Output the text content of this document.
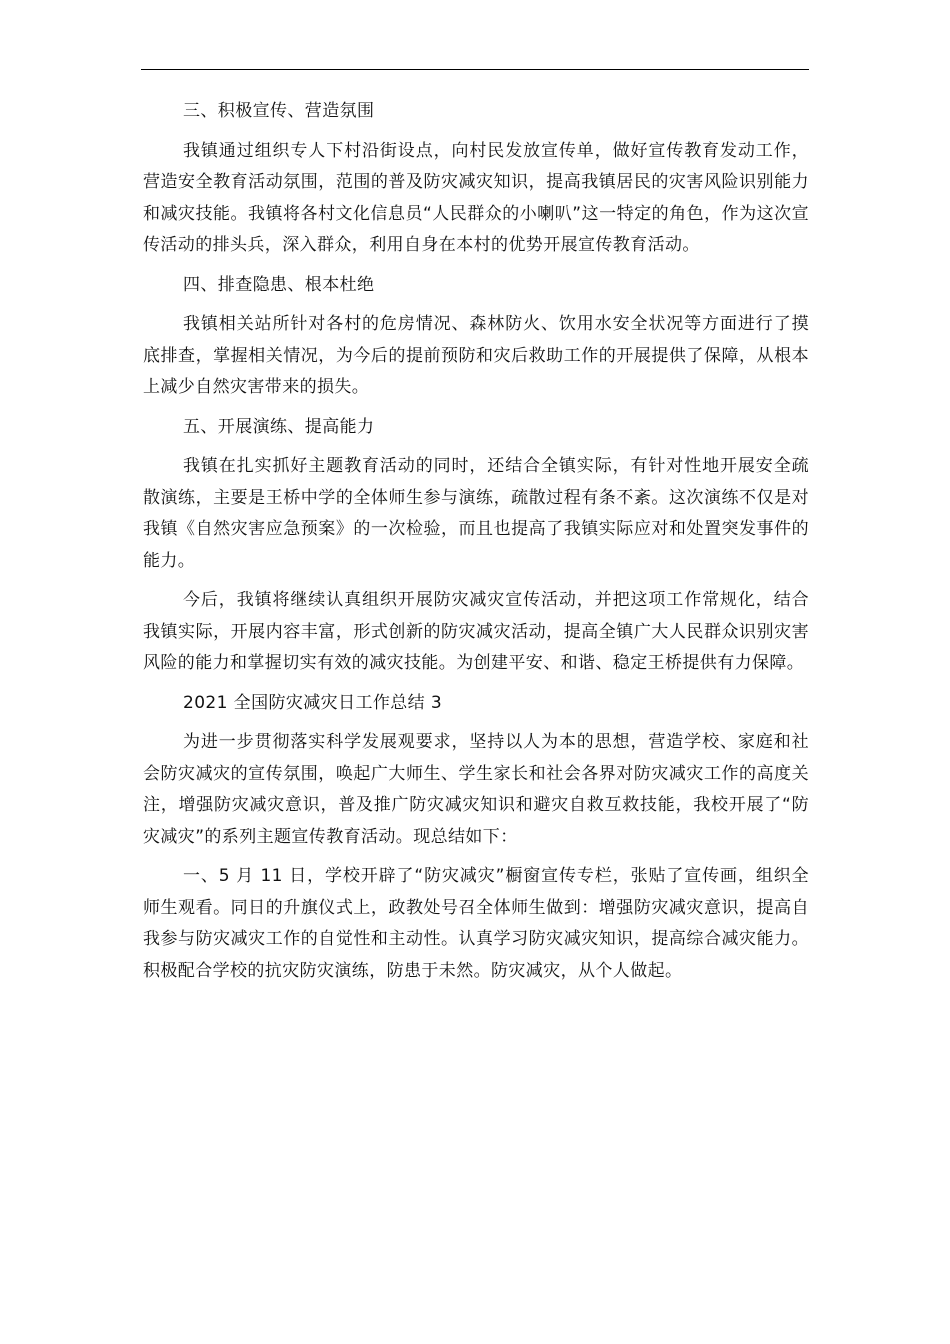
三、积极宣传、营造氛围

我镇通过组织专人下村沿街设点，向村民发放宣传单，做好宣传教育发动工作，营造安全教育活动氛围，范围的普及防灾减灾知识，提高我镇居民的灾害风险识别能力和减灾技能。我镇将各村文化信息员“人民群众的小喇叭”这一特定的角色，作为这次宣传活动的排头兵，深入群众，利用自身在本村的优势开展宣传教育活动。

四、排查隐患、根本杜绝

我镇相关站所针对各村的危房情况、森林防火、饮用水安全状况等方面进行了摸底排查，掌握相关情况，为今后的提前预防和灾后救助工作的开展提供了保障，从根本上减少自然灾害带来的损失。

五、开展演练、提高能力

我镇在扎实抓好主题教育活动的同时，还结合全镇实际，有针对性地开展安全疏散演练，主要是王桥中学的全体师生参与演练，疏散过程有条不紊。这次演练不仅是对我镇《自然灾害应急预案》的一次检验，而且也提高了我镇实际应对和处置突发事件的能力。

今后，我镇将继续认真组织开展防灾减灾宣传活动，并把这项工作常规化，结合我镇实际，开展内容丰富，形式创新的防灾减灾活动，提高全镇广大人民群众识别灾害风险的能力和掌握切实有效的减灾技能。为创建平安、和谐、稳定王桥提供有力保障。

2021 全国防灾减灾日工作总结 3

为进一步贯彻落实科学发展观要求，坚持以人为本的思想，营造学校、家庭和社会防灾减灾的宣传氛围，唤起广大师生、学生家长和社会各界对防灾减灾工作的高度关注，增强防灾减灾意识，普及推广防灾减灾知识和避灾自救互救技能，我校开展了“防灾减灾”的系列主题宣传教育活动。现总结如下：

一、5 月 11 日，学校开辟了“防灾减灾”橱窗宣传专栏，张贴了宣传画，组织全师生观看。同日的升旗仪式上，政教处号召全体师生做到：增强防灾减灾意识，提高自我参与防灾减灾工作的自觉性和主动性。认真学习防灾减灾知识，提高综合减灾能力。积极配合学校的抗灾防灾演练，防患于未然。防灾减灾，从个人做起。
